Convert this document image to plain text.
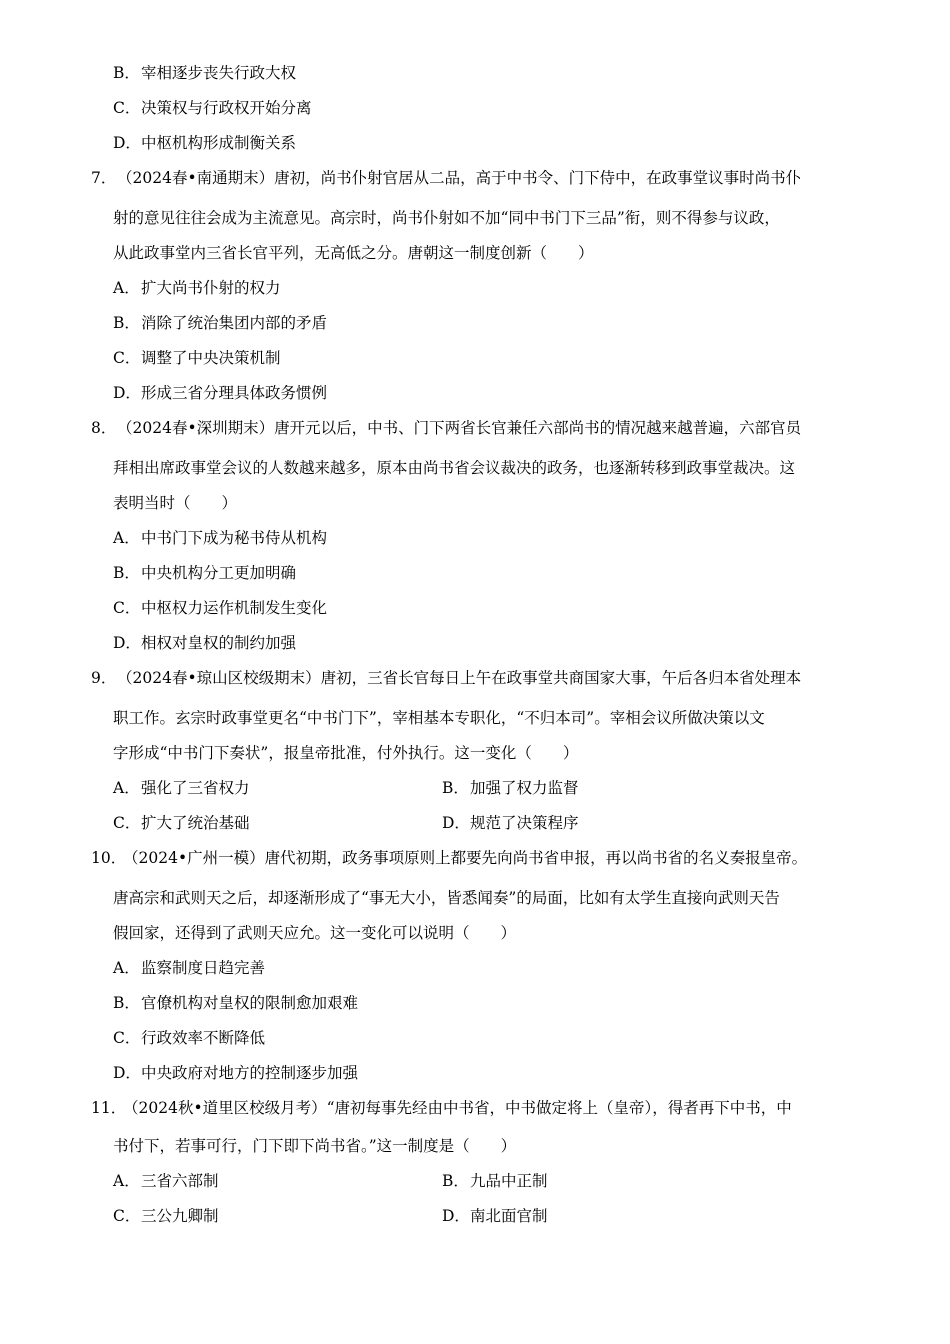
B．宰相逐步丧失行政大权
C．决策权与行政权开始分离
D．中枢机构形成制衡关系
7．（2024春•南通期末）唐初，尚书仆射官居从二品，高于中书令、门下侍中，在政事堂议事时尚书仆
射的意见往往会成为主流意见。高宗时，尚书仆射如不加“同中书门下三品”衔，则不得参与议政，
从此政事堂内三省长官平列，无高低之分。唐朝这一制度创新（　　）
A．扩大尚书仆射的权力
B．消除了统治集团内部的矛盾
C．调整了中央决策机制
D．形成三省分理具体政务惯例
8．（2024春•深圳期末）唐开元以后，中书、门下两省长官兼任六部尚书的情况越来越普遍，六部官员
拜相出席政事堂会议的人数越来越多，原本由尚书省会议裁决的政务，也逐渐转移到政事堂裁决。这
表明当时（　　）
A．中书门下成为秘书侍从机构
B．中央机构分工更加明确
C．中枢权力运作机制发生变化
D．相权对皇权的制约加强
9．（2024春•琼山区校级期末）唐初，三省长官每日上午在政事堂共商国家大事，午后各归本省处理本
职工作。玄宗时政事堂更名“中书门下”，宰相基本专职化，“不归本司”。宰相会议所做决策以文
字形成“中书门下奏状”，报皇帝批准，付外执行。这一变化（　　）
A．强化了三省权力	B．加强了权力监督
C．扩大了统治基础	D．规范了决策程序
10．（2024•广州一模）唐代初期，政务事项原则上都要先向尚书省申报，再以尚书省的名义奏报皇帝。
唐高宗和武则天之后，却逐渐形成了“事无大小，皆悉闻奏”的局面，比如有太学生直接向武则天告
假回家，还得到了武则天应允。这一变化可以说明（　　）
A．监察制度日趋完善
B．官僚机构对皇权的限制愈加艰难
C．行政效率不断降低
D．中央政府对地方的控制逐步加强
11．（2024秋•道里区校级月考）“唐初每事先经由中书省，中书做定将上（皇帝），得者再下中书，中
书付下，若事可行，门下即下尚书省。”这一制度是（　　）
A．三省六部制	B．九品中正制
C．三公九卿制	D．南北面官制
